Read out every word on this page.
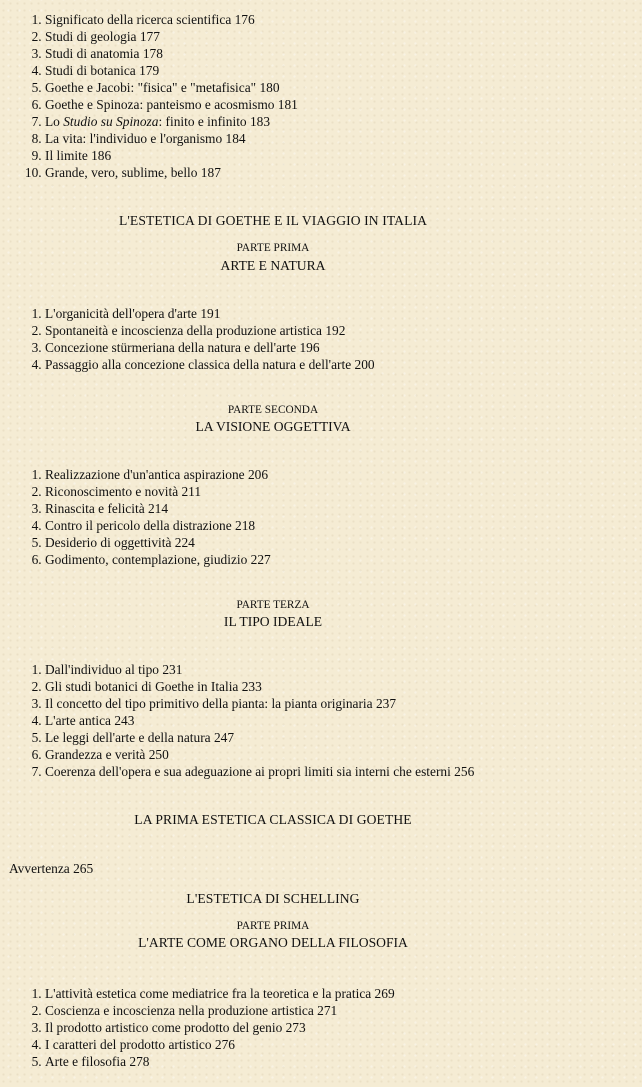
1. Significato della ricerca scientifica 176
2. Studi di geologia 177
3. Studi di anatomia 178
4. Studi di botanica 179
5. Goethe e Jacobi: "fisica" e "metafisica" 180
6. Goethe e Spinoza: panteismo e acosmismo 181
7. Lo Studio su Spinoza: finito e infinito 183
8. La vita: l'individuo e l'organismo 184
9. Il limite 186
10. Grande, vero, sublime, bello 187
L'ESTETICA DI GOETHE E IL VIAGGIO IN ITALIA
PARTE PRIMA
ARTE E NATURA
1. L'organicità dell'opera d'arte 191
2. Spontaneità e incoscienza della produzione artistica 192
3. Concezione stürmeriana della natura e dell'arte 196
4. Passaggio alla concezione classica della natura e dell'arte 200
PARTE SECONDA
LA VISIONE OGGETTIVA
1. Realizzazione d'un'antica aspirazione 206
2. Riconoscimento e novità 211
3. Rinascita e felicità 214
4. Contro il pericolo della distrazione 218
5. Desiderio di oggettività 224
6. Godimento, contemplazione, giudizio 227
PARTE TERZA
IL TIPO IDEALE
1. Dall'individuo al tipo 231
2. Gli studi botanici di Goethe in Italia 233
3. Il concetto del tipo primitivo della pianta: la pianta originaria 237
4. L'arte antica 243
5. Le leggi dell'arte e della natura 247
6. Grandezza e verità 250
7. Coerenza dell'opera e sua adeguazione ai propri limiti sia interni che esterni 256
LA PRIMA ESTETICA CLASSICA DI GOETHE
Avvertenza 265
L'ESTETICA DI SCHELLING
PARTE PRIMA
L'ARTE COME ORGANO DELLA FILOSOFIA
1. L'attività estetica come mediatrice fra la teoretica e la pratica 269
2. Coscienza e incoscienza nella produzione artistica 271
3. Il prodotto artistico come prodotto del genio 273
4. I caratteri del prodotto artistico 276
5. Arte e filosofia 278
